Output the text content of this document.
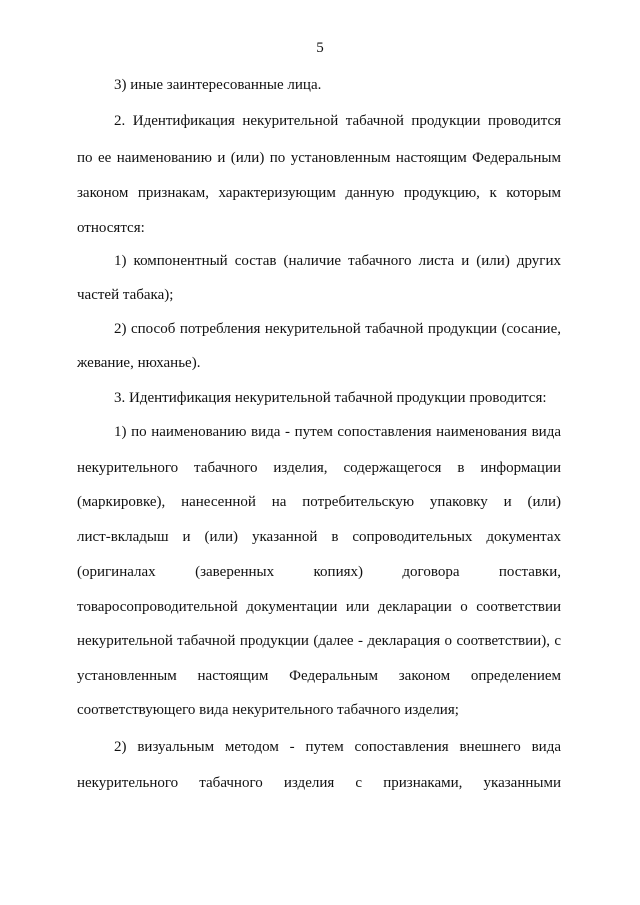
5
3) иные заинтересованные лица.
2. Идентификация некурительной табачной продукции проводится
по ее наименованию и (или) по установленным настоящим Федеральным
законом признакам, характеризующим данную продукцию, к которым
относятся:
1) компонентный состав (наличие табачного листа и (или) других
частей табака);
2) способ потребления некурительной табачной продукции (сосание,
жевание, нюханье).
3. Идентификация некурительной табачной продукции проводится:
1) по наименованию вида - путем сопоставления наименования вида
некурительного табачного изделия, содержащегося в информации
(маркировке), нанесенной на потребительскую упаковку и (или)
лист-вкладыш и (или) указанной в сопроводительных документах
(оригиналах (заверенных копиях) договора поставки,
товаросопроводительной документации или декларации о соответствии
некурительной табачной продукции (далее - декларация о соответствии), с
установленным настоящим Федеральным законом определением
соответствующего вида некурительного табачного изделия;
2) визуальным методом - путем сопоставления внешнего вида
некурительного табачного изделия с признаками, указанными
